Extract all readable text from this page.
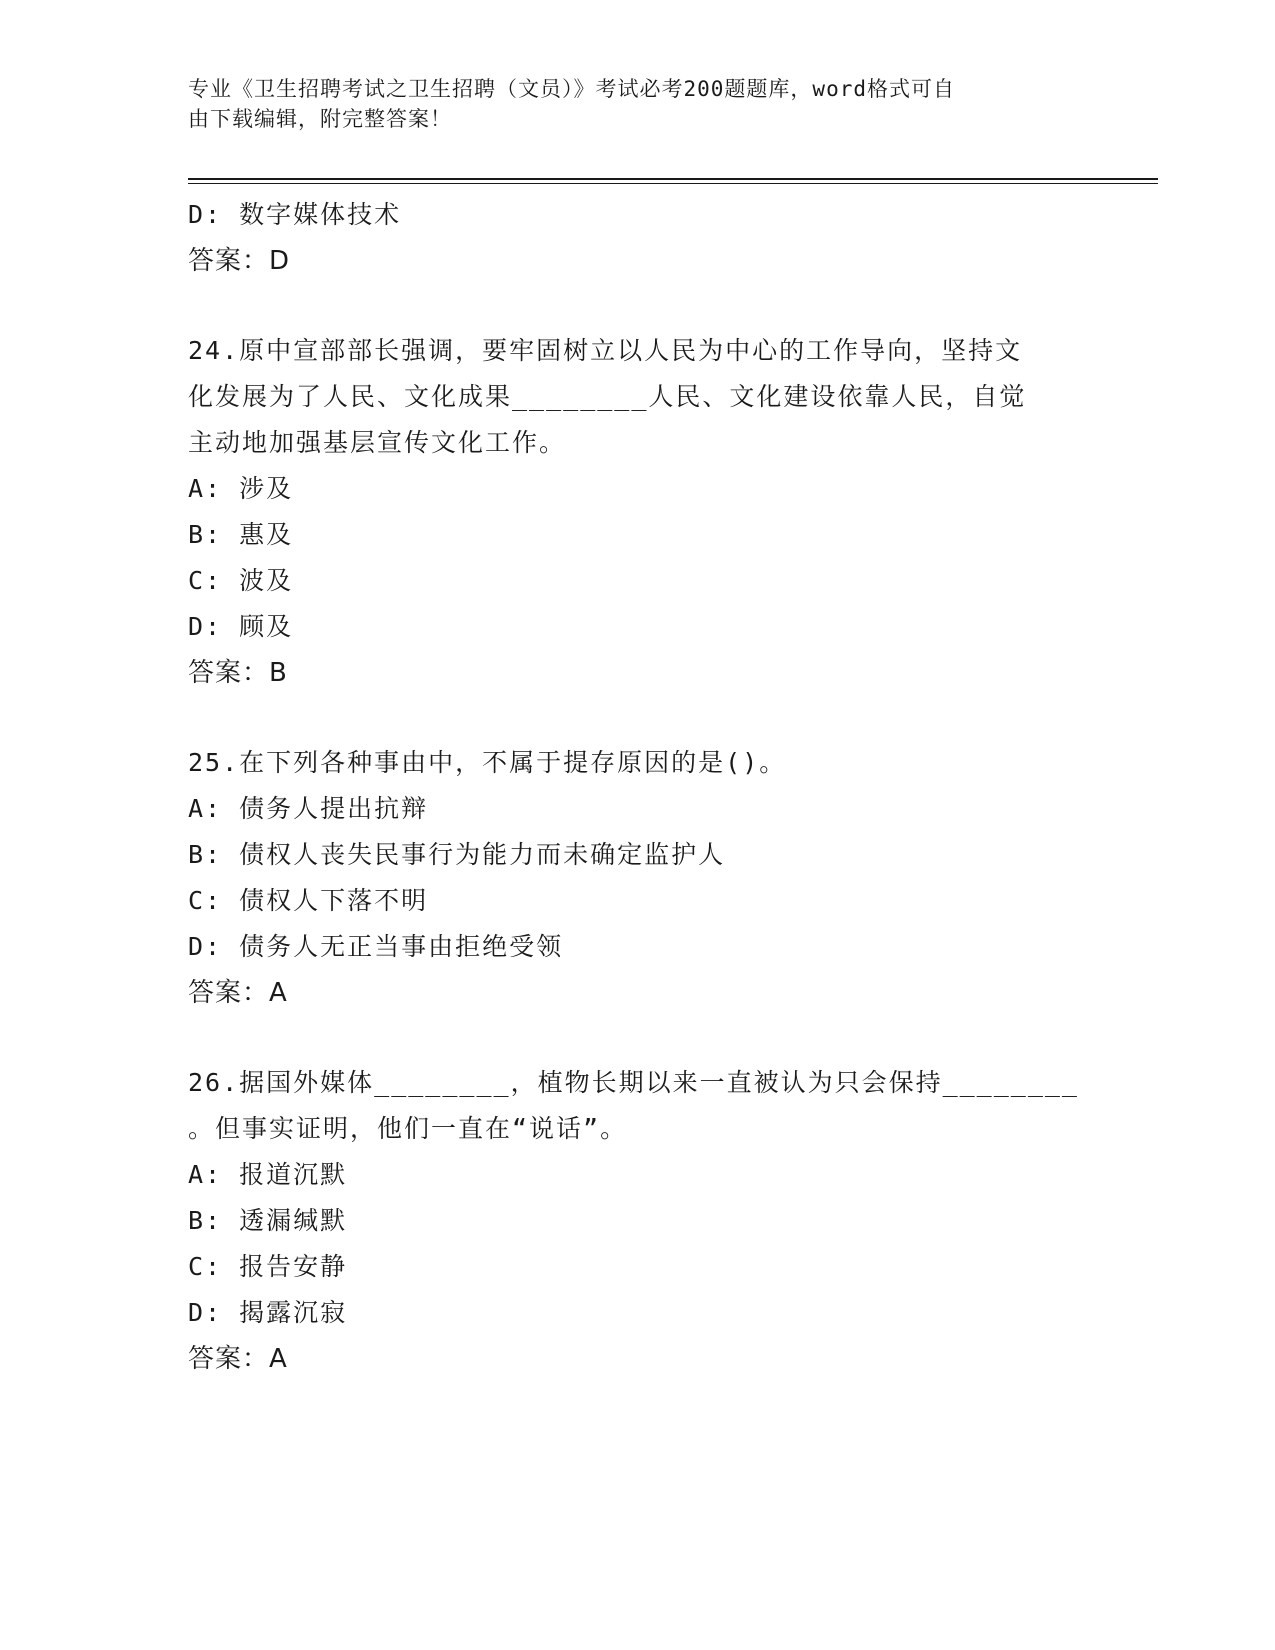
专业《卫生招聘考试之卫生招聘（文员）》考试必考200题题库，word格式可自
由下载编辑，附完整答案！
D: 数字媒体技术
答案：D
24.原中宣部部长强调，要牢固树立以人民为中心的工作导向，坚持文
化发展为了人民、文化成果________人民、文化建设依靠人民，自觉
主动地加强基层宣传文化工作。
A: 涉及
B: 惠及
C: 波及
D: 顾及
答案：B
25.在下列各种事由中，不属于提存原因的是()。
A: 债务人提出抗辩
B: 债权人丧失民事行为能力而未确定监护人
C: 债权人下落不明
D: 债务人无正当事由拒绝受领
答案：A
26.据国外媒体________，植物长期以来一直被认为只会保持________
。但事实证明，他们一直在“说话”。
A: 报道沉默
B: 透漏缄默
C: 报告安静
D: 揭露沉寂
答案：A
